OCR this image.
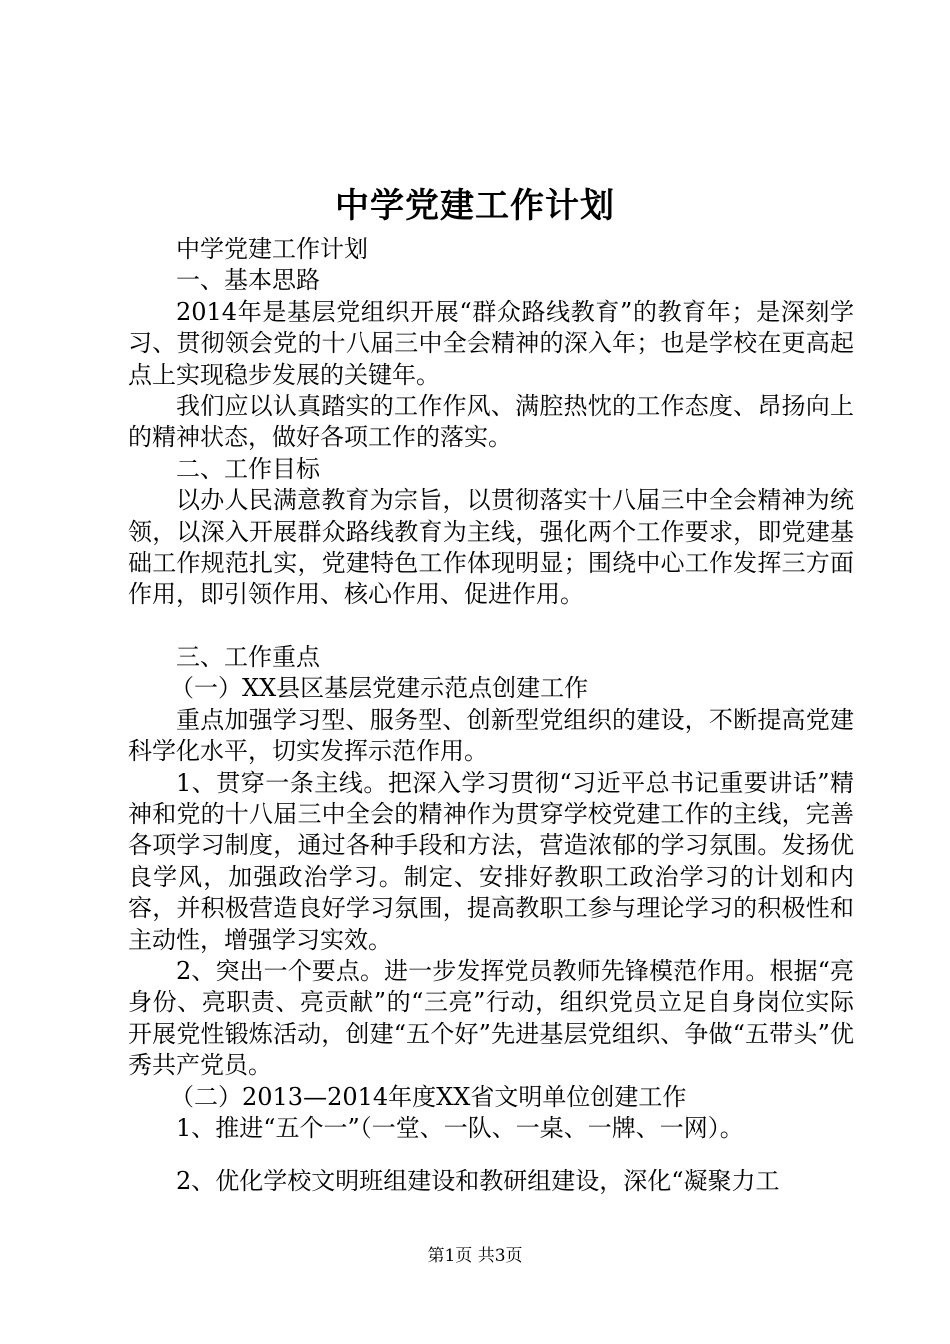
中学党建工作计划

中学党建工作计划

一、基本思路

2014年是基层党组织开展“群众路线教育”的教育年；是深刻学习、贯彻领会党的十八届三中全会精神的深入年；也是学校在更高起点上实现稳步发展的关键年。

我们应以认真踏实的工作作风、满腔热忱的工作态度、昂扬向上的精神状态，做好各项工作的落实。

二、工作目标

以办人民满意教育为宗旨，以贯彻落实十八届三中全会精神为统领，以深入开展群众路线教育为主线，强化两个工作要求，即党建基础工作规范扎实，党建特色工作体现明显；围绕中心工作发挥三方面作用，即引领作用、核心作用、促进作用。

三、工作重点

（一）XX县区基层党建示范点创建工作

重点加强学习型、服务型、创新型党组织的建设，不断提高党建科学化水平，切实发挥示范作用。

1、贯穿一条主线。把深入学习贯彻“习近平总书记重要讲话”精神和党的十八届三中全会的精神作为贯穿学校党建工作的主线，完善各项学习制度，通过各种手段和方法，营造浓郁的学习氛围。发扬优良学风，加强政治学习。制定、安排好教职工政治学习的计划和内容，并积极营造良好学习氛围，提高教职工参与理论学习的积极性和主动性，增强学习实效。

2、突出一个要点。进一步发挥党员教师先锋模范作用。根据“亮身份、亮职责、亮贡献”的“三亮”行动，组织党员立足自身岗位实际开展党性锻炼活动，创建“五个好”先进基层党组织、争做“五带头”优秀共产党员。

（二）2013—2014年度XX省文明单位创建工作

1、推进“五个一”（一堂、一队、一桌、一牌、一网）。

2、优化学校文明班组建设和教研组建设，深化“凝聚力工

第1页 共3页
